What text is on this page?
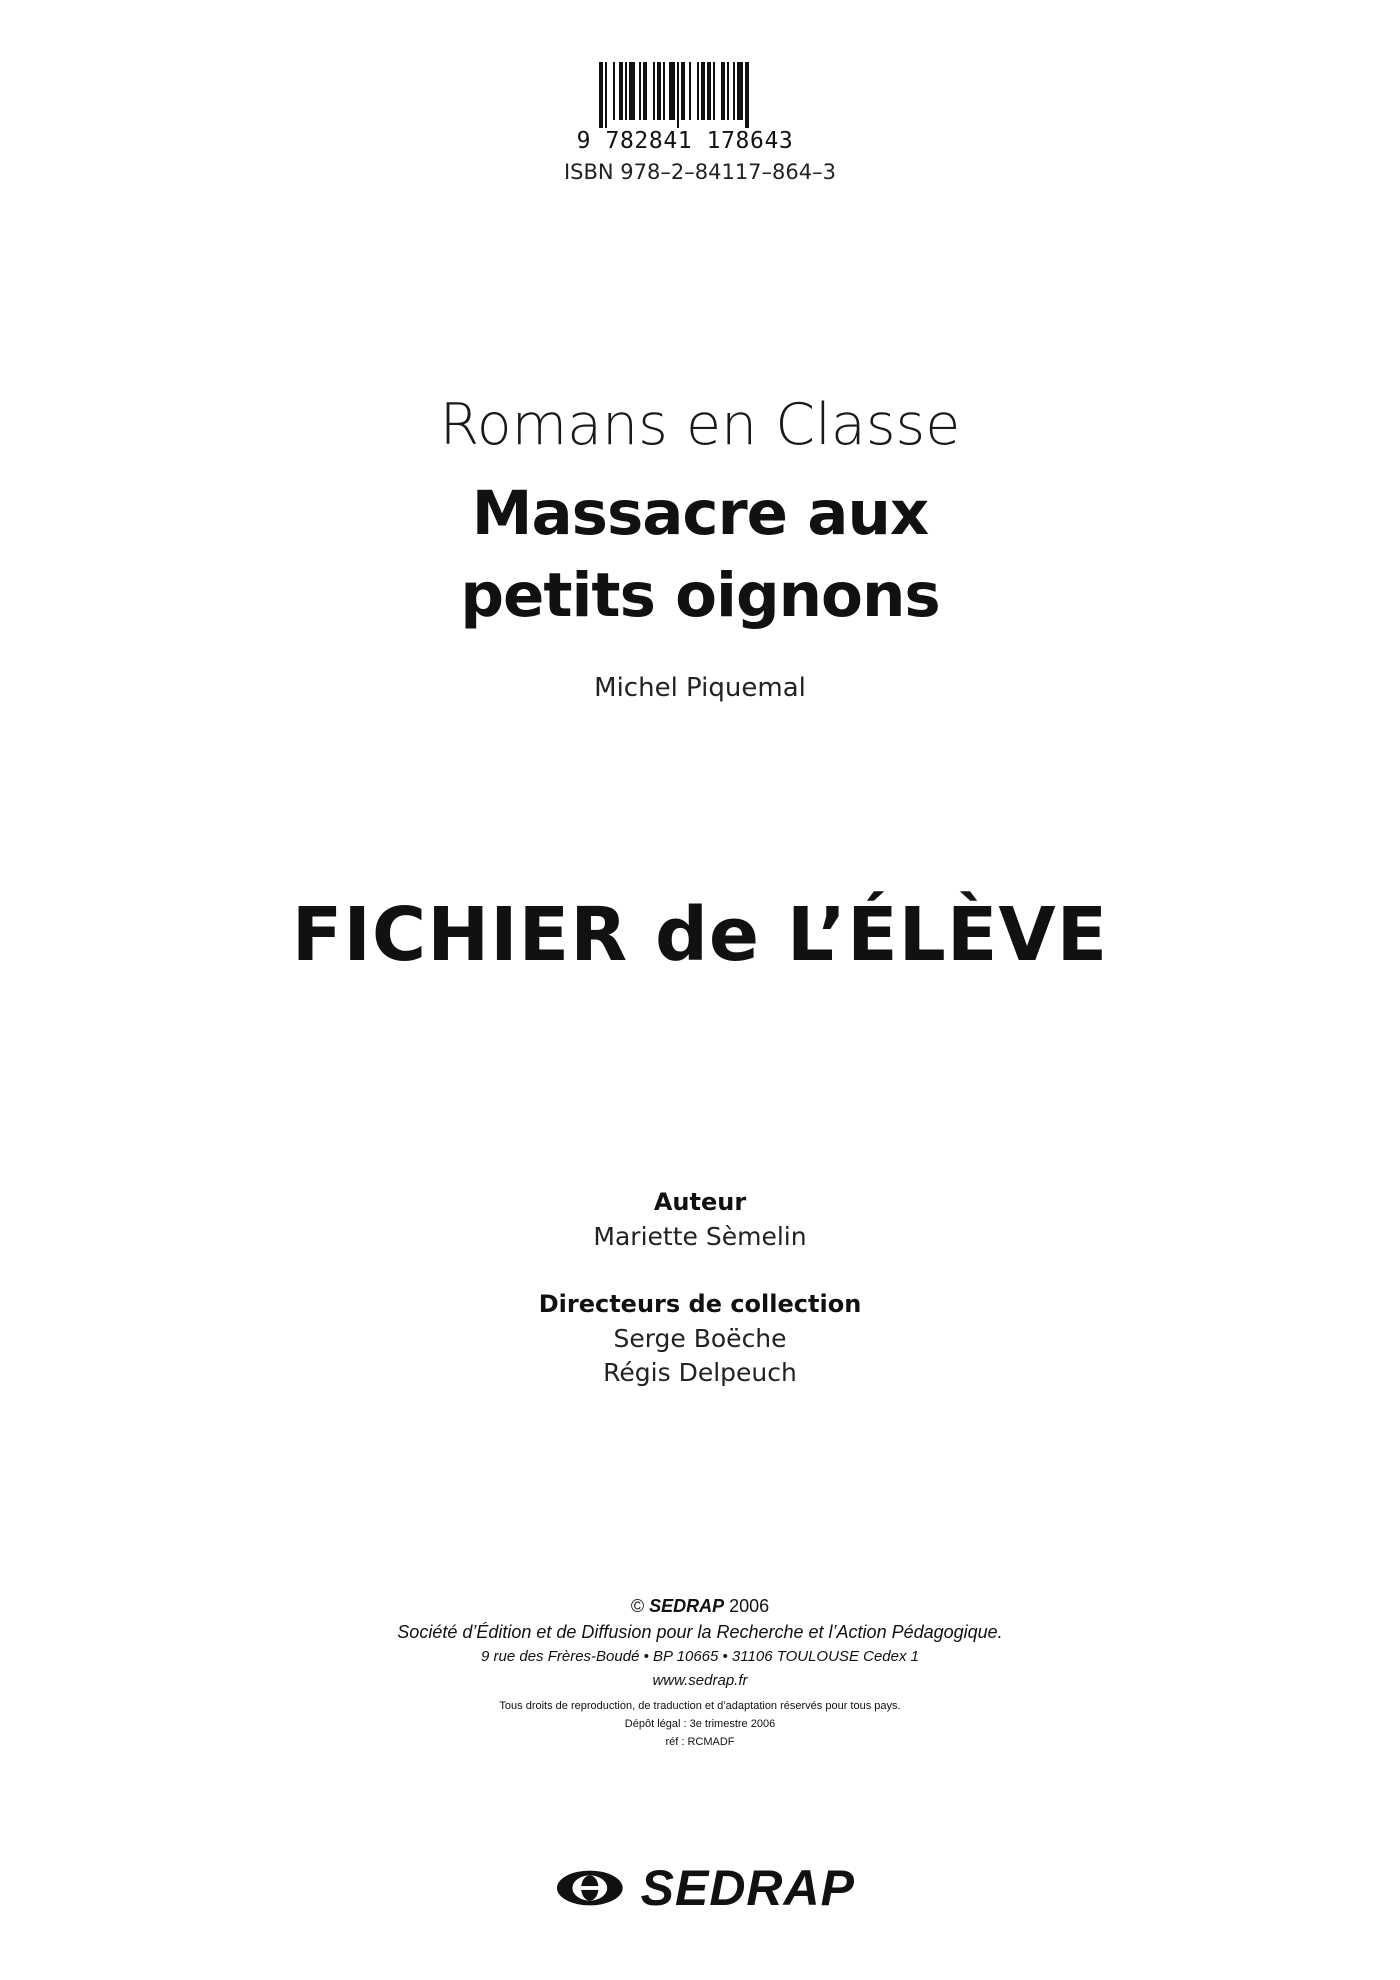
9 782841 178643
ISBN 978–2–84117–864–3
Romans en Classe
Massacre aux
petits oignons
Michel Piquemal
FICHIER de L’ÉLÈVE
Auteur
Mariette Sèmelin
Directeurs de collection
Serge Boëche
Régis Delpeuch
© SEDRAP 2006
Société d’Édition et de Diffusion pour la Recherche et l’Action Pédagogique.
9 rue des Frères-Boudé • BP 10665 • 31106 TOULOUSE Cedex 1
www.sedrap.fr
Tous droits de reproduction, de traduction et d’adaptation réservés pour tous pays.
Dépôt légal : 3e trimestre 2006
réf : RCMADF
SEDRAP
